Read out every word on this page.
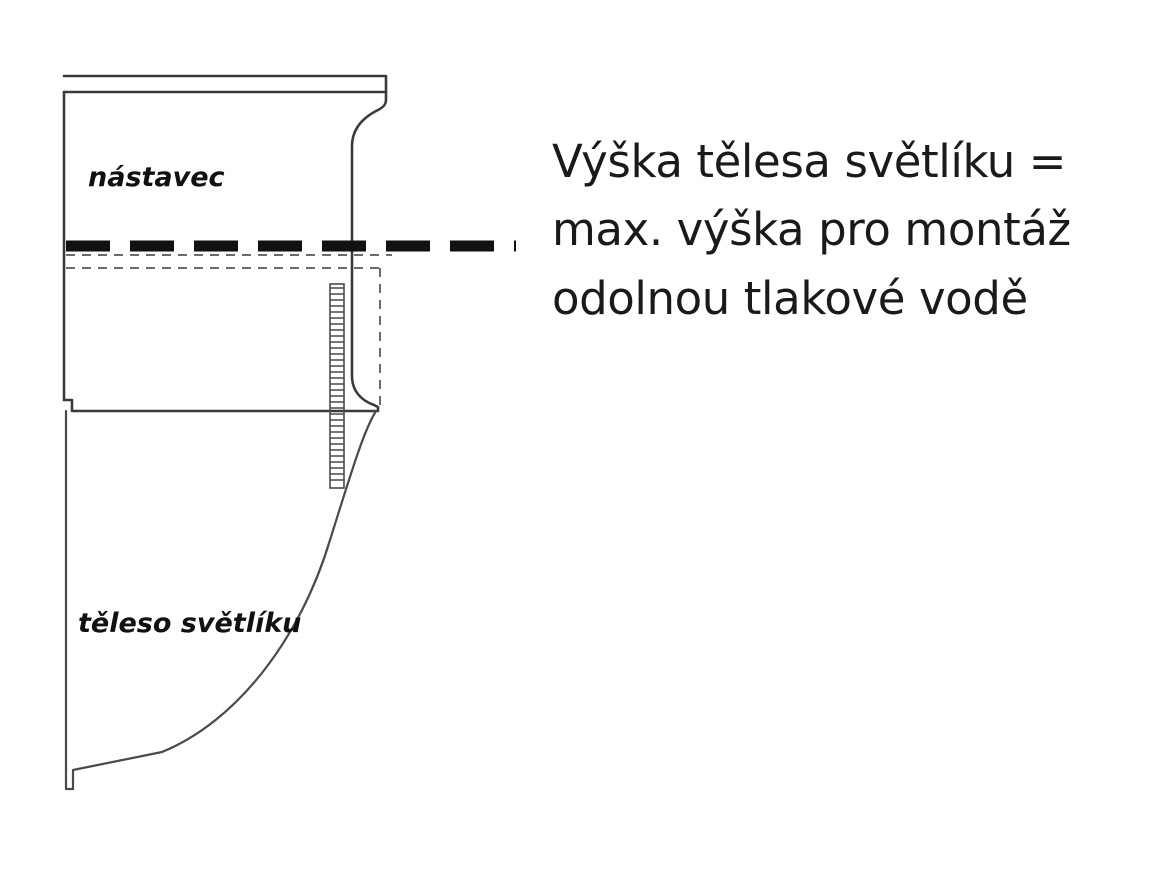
nástavec
těleso světlíku
Výška tělesa světlíku =
max. výška pro montáž
odolnou tlakové vodě
